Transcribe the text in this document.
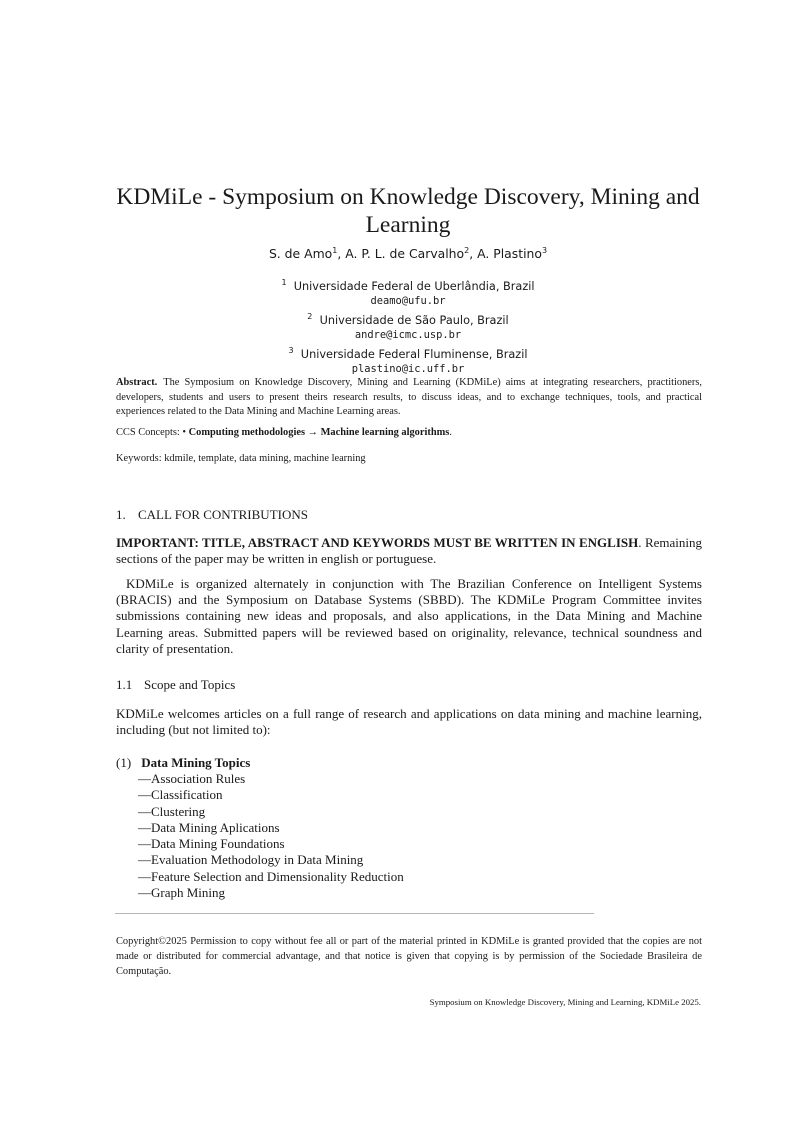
KDMiLe - Symposium on Knowledge Discovery, Mining and Learning
S. de Amo$^1$, A. P. L. de Carvalho$^2$, A. Plastino$^3$
$^1$ Universidade Federal de Uberlândia, Brazil
deamo@ufu.br
$^2$ Universidade de São Paulo, Brazil
andre@icmc.usp.br
$^3$ Universidade Federal Fluminense, Brazil
plastino@ic.uff.br

Abstract. The Symposium on Knowledge Discovery, Mining and Learning (KDMiLe) aims at integrating researchers, practitioners, developers, students and users to present theirs research results, to discuss ideas, and to exchange techniques, tools, and practical experiences related to the Data Mining and Machine Learning areas.

CCS Concepts: • Computing methodologies → Machine learning algorithms.
Keywords: kdmile, template, data mining, machine learning
1. CALL FOR CONTRIBUTIONS

IMPORTANT: TITLE, ABSTRACT AND KEYWORDS MUST BE WRITTEN IN ENGLISH. Remaining sections of the paper may be written in english or portuguese.

KDMiLe is organized alternately in conjunction with The Brazilian Conference on Intelligent Systems (BRACIS) and the Symposium on Database Systems (SBBD). The KDMiLe Program Committee invites submissions containing new ideas and proposals, and also applications, in the Data Mining and Machine Learning areas. Submitted papers will be reviewed based on originality, relevance, technical soundness and clarity of presentation.

1.1 Scope and Topics

KDMiLe welcomes articles on a full range of research and applications on data mining and machine learning, including (but not limited to):

(1) Data Mining Topics
—Association Rules
—Classification
—Clustering
—Data Mining Aplications
—Data Mining Foundations
—Evaluation Methodology in Data Mining
—Feature Selection and Dimensionality Reduction
—Graph Mining

Copyright©2025 Permission to copy without fee all or part of the material printed in KDMiLe is granted provided that the copies are not made or distributed for commercial advantage, and that notice is given that copying is by permission of the Sociedade Brasileira de Computação.

Symposium on Knowledge Discovery, Mining and Learning, KDMiLe 2025.
